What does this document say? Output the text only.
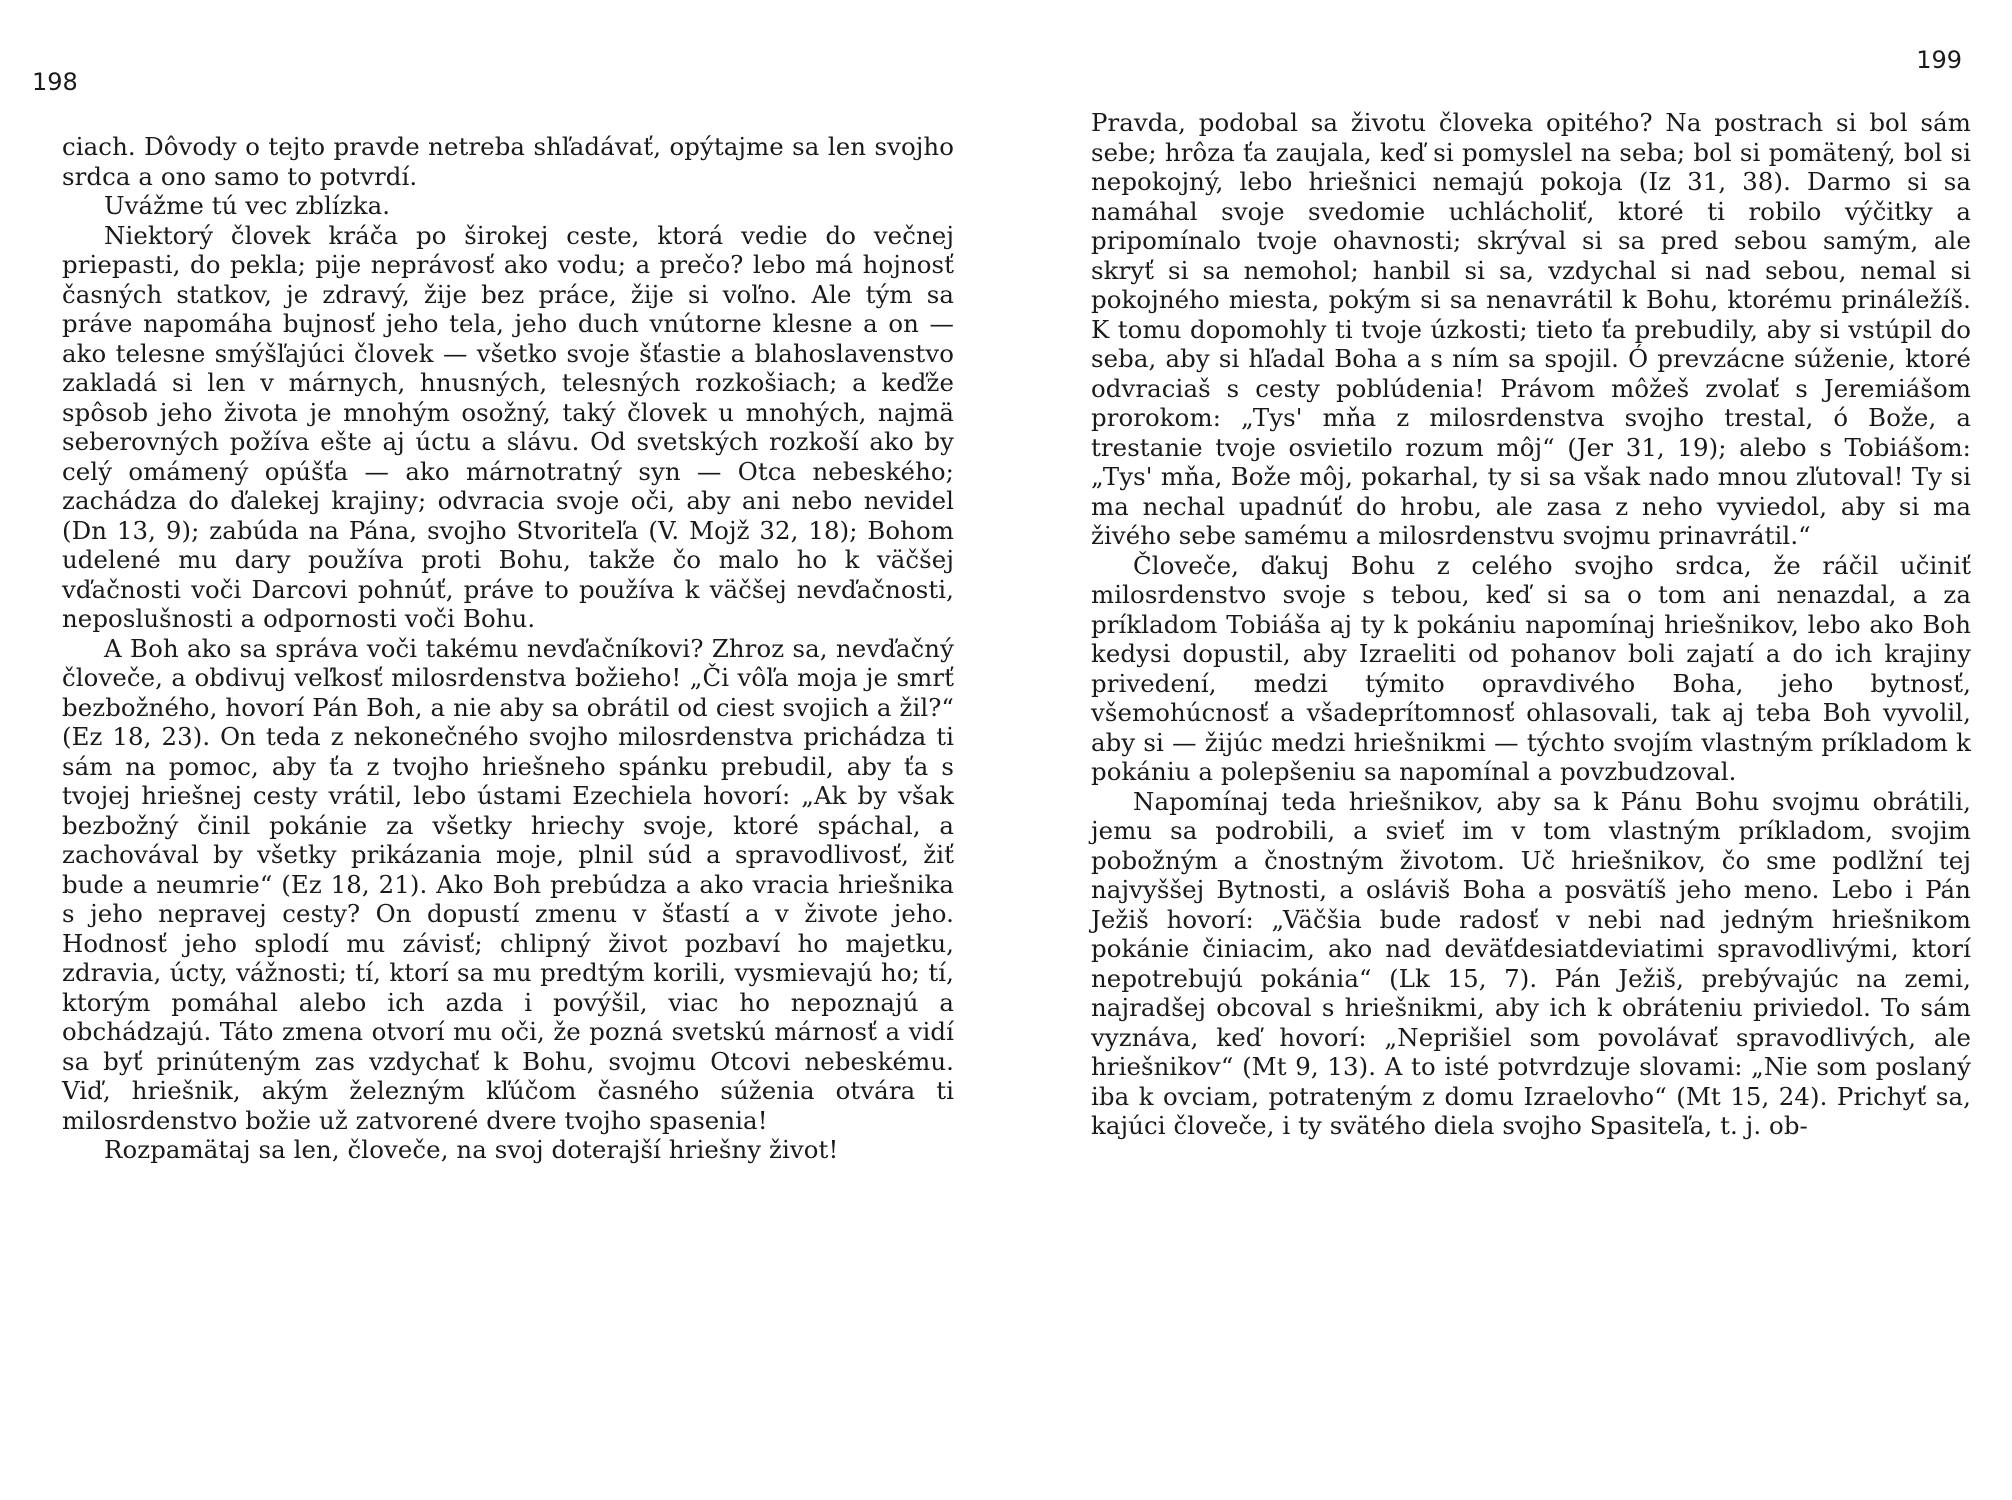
198

ciach. Dôvody o tejto pravde netreba shľadávať, opýtajme sa len svojho srdca a ono samo to potvrdí.

Uvážme tú vec zblízka.

Niektorý človek kráča po širokej ceste, ktorá vedie do večnej priepasti, do pekla; pije neprávosť ako vodu; a prečo? lebo má hojnosť časných statkov, je zdravý, žije bez práce, žije si voľno. Ale tým sa práve napomáha bujnosť jeho tela, jeho duch vnútorne klesne a on — ako telesne smýšľajúci človek — všetko svoje šťastie a blahoslavenstvo zakladá si len v márnych, hnusných, telesných rozkošiach; a keďže spôsob jeho života je mnohým osožný, taký človek u mnohých, najmä seberovných požíva ešte aj úctu a slávu. Od svetských rozkoší ako by celý omámený opúšťa — ako márnotratný syn — Otca nebeského; zachádza do ďalekej krajiny; odvracia svoje oči, aby ani nebo nevidel (Dn 13, 9); zabúda na Pána, svojho Stvoriteľa (V. Mojž 32, 18); Bohom udelené mu dary používa proti Bohu, takže čo malo ho k väčšej vďačnosti voči Darcovi pohnúť, práve to používa k väčšej nevďačnosti, neposlušnosti a odpornosti voči Bohu.

A Boh ako sa správa voči takému nevďačníkovi? Zhroz sa, nevďačný človeče, a obdivuj veľkosť milosrdenstva božieho! „Či vôľa moja je smrť bezbožného, hovorí Pán Boh, a nie aby sa obrátil od ciest svojich a žil?“ (Ez 18, 23). On teda z nekonečného svojho milosrdenstva prichádza ti sám na pomoc, aby ťa z tvojho hriešneho spánku prebudil, aby ťa s tvojej hriešnej cesty vrátil, lebo ústami Ezechiela hovorí: „Ak by však bezbožný činil pokánie za všetky hriechy svoje, ktoré spáchal, a zachovával by všetky prikázania moje, plnil súd a spravodlivosť, žiť bude a neumrie“ (Ez 18, 21). Ako Boh prebúdza a ako vracia hriešnika s jeho nepravej cesty? On dopustí zmenu v šťastí a v živote jeho. Hodnosť jeho splodí mu závisť; chlipný život pozbaví ho majetku, zdravia, úcty, vážnosti; tí, ktorí sa mu predtým korili, vysmievajú ho; tí, ktorým pomáhal alebo ich azda i povýšil, viac ho nepoznajú a obchádzajú. Táto zmena otvorí mu oči, že pozná svetskú márnosť a vidí sa byť prinúteným zas vzdychať k Bohu, svojmu Otcovi nebeskému. Viď, hriešnik, akým železným kľúčom časného súženia otvára ti milosrdenstvo božie už zatvorené dvere tvojho spasenia!

Rozpamätaj sa len, človeče, na svoj doterajší hriešny život!

199

Pravda, podobal sa životu človeka opitého? Na postrach si bol sám sebe; hrôza ťa zaujala, keď si pomyslel na seba; bol si pomätený, bol si nepokojný, lebo hriešnici nemajú pokoja (Iz 31, 38). Darmo si sa namáhal svoje svedomie uchlácholiť, ktoré ti robilo výčitky a pripomínalo tvoje ohavnosti; skrýval si sa pred sebou samým, ale skryť si sa nemohol; hanbil si sa, vzdychal si nad sebou, nemal si pokojného miesta, pokým si sa nenavrátil k Bohu, ktorému prináležíš. K tomu dopomohly ti tvoje úzkosti; tieto ťa prebudily, aby si vstúpil do seba, aby si hľadal Boha a s ním sa spojil. Ó prevzácne súženie, ktoré odvraciaš s cesty poblúdenia! Právom môžeš zvolať s Jeremiášom prorokom: „Tys' mňa z milosrdenstva svojho trestal, ó Bože, a trestanie tvoje osvietilo rozum môj“ (Jer 31, 19); alebo s Tobiášom: „Tys' mňa, Bože môj, pokarhal, ty si sa však nado mnou zľutoval! Ty si ma nechal upadnúť do hrobu, ale zasa z neho vyviedol, aby si ma živého sebe samému a milosrdenstvu svojmu prinavrátil.“

Človeče, ďakuj Bohu z celého svojho srdca, že ráčil učiniť milosrdenstvo svoje s tebou, keď si sa o tom ani nenazdal, a za príkladom Tobiáša aj ty k pokániu napomínaj hriešnikov, lebo ako Boh kedysi dopustil, aby Izraeliti od pohanov boli zajatí a do ich krajiny privedení, medzi týmito opravdivého Boha, jeho bytnosť, všemohúcnosť a všadeprítomnosť ohlasovali, tak aj teba Boh vyvolil, aby si — žijúc medzi hriešnikmi — týchto svojím vlastným príkladom k pokániu a polepšeniu sa napomínal a povzbudzoval.

Napomínaj teda hriešnikov, aby sa k Pánu Bohu svojmu obrátili, jemu sa podrobili, a svieť im v tom vlastným príkladom, svojim pobožným a čnostným životom. Uč hriešnikov, čo sme podlžní tej najvyššej Bytnosti, a osláviš Boha a posvätíš jeho meno. Lebo i Pán Ježiš hovorí: „Väčšia bude radosť v nebi nad jedným hriešnikom pokánie činiacim, ako nad deväťdesiatdeviatimi spravodlivými, ktorí nepotrebujú pokánia“ (Lk 15, 7). Pán Ježiš, prebývajúc na zemi, najradšej obcoval s hriešnikmi, aby ich k obráteniu priviedol. To sám vyznáva, keď hovorí: „Neprišiel som povolávať spravodlivých, ale hriešnikov“ (Mt 9, 13). A to isté potvrdzuje slovami: „Nie som poslaný iba k ovciam, potrateným z domu Izraelovho“ (Mt 15, 24). Prichyť sa, kajúci človeče, i ty svätého diela svojho Spasiteľa, t. j. ob-
